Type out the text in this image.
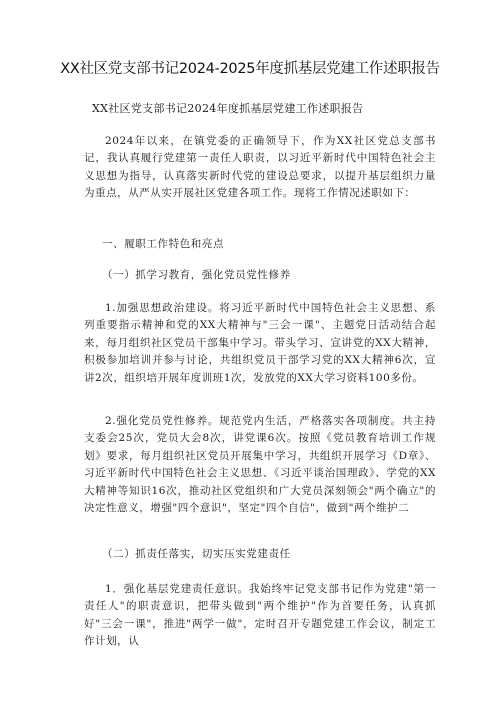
XX社区党支部书记2024-2025年度抓基层党建工作述职报告
XX社区党支部书记2024年度抓基层党建工作述职报告
2024年以来，在镇党委的正确领导下，作为XX社区党总支部书记，我认真履行党建第一责任人职责，以习近平新时代中国特色社会主义思想为指导，认真落实新时代党的建设总要求，以提升基层组织力量为重点，从严从实开展社区党建各项工作。现将工作情况述职如下：
一、履职工作特色和亮点
（一）抓学习教育，强化党员党性修养
1.加强思想政治建设。将习近平新时代中国特色社会主义思想、系列重要指示精神和党的XX大精神与"三会一课"、主题党日活动结合起来，每月组织社区党员干部集中学习。带头学习、宣讲党的XX大精神，积极参加培训并参与讨论，共组织党员干部学习党的XX大精神6次，宣讲2次，组织培开展年度训班1次，发放党的XX大学习资料100多份。
2.强化党员党性修养。规范党内生活，严格落实各项制度。共主持支委会25次，党员大会8次，讲党课6次。按照《党员教育培训工作规划》要求，每月组织社区党员开展集中学习，共组织开展学习《D章》、习近平新时代中国特色社会主义思想、《习近平谈治国理政》、学党的XX大精神等知识16次，推动社区党组织和广大党员深刻领会"两个确立"的决定性意义，增强"四个意识"，坚定"四个自信"，做到"两个维护二
（二）抓责任落实，切实压实党建责任
1．强化基层党建责任意识。我始终牢记党支部书记作为党建"第一责任人"的职责意识，把带头做到"两个维护"作为首要任务，认真抓好"三会一课"，推进"两学一做"，定时召开专题党建工作会议，制定工作计划，认
